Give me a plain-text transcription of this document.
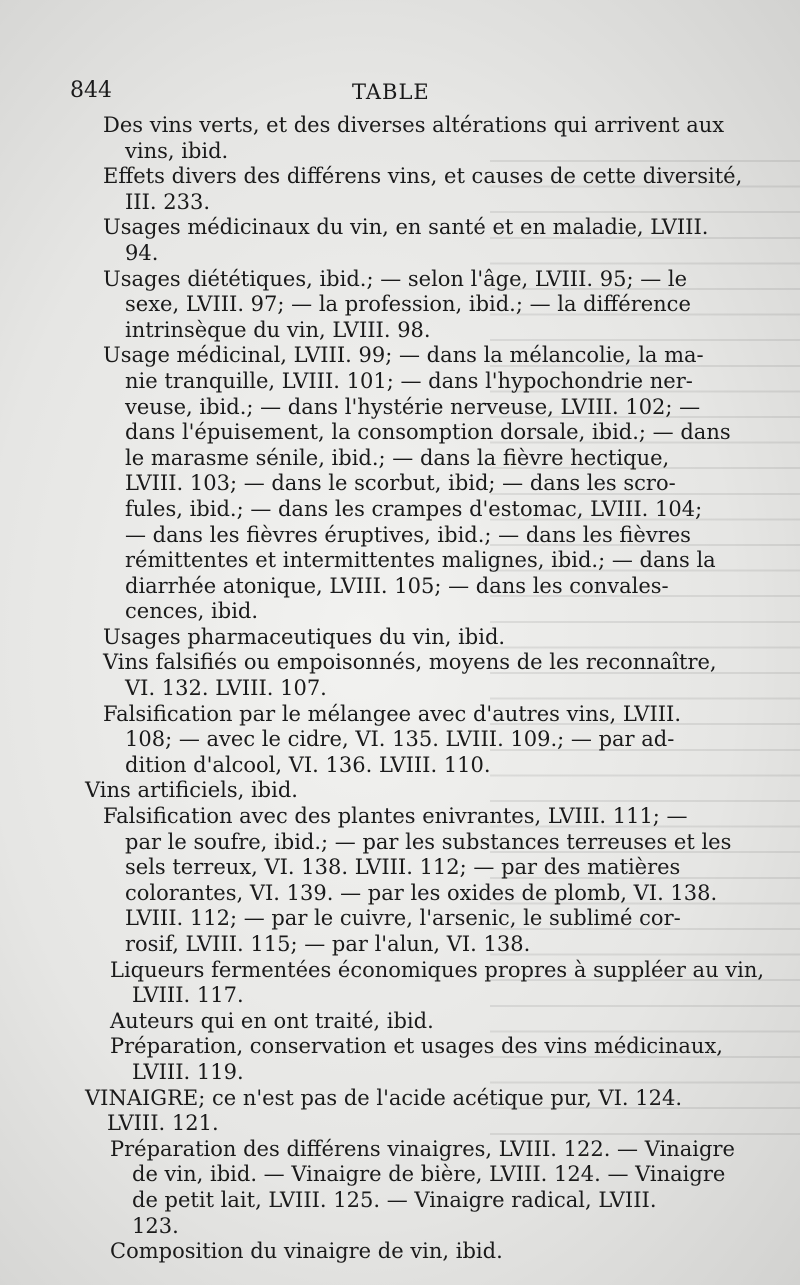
844	TABLE
Des vins verts, et des diverses altérations qui arrivent aux
vins, ibid.
Effets divers des différens vins, et causes de cette diversité,
III. 233.
Usages médicinaux du vin, en santé et en maladie, LVIII.
94.
Usages diététiques, ibid.; — selon l'âge, LVIII. 95; — le
sexe, LVIII. 97; — la profession, ibid.; — la différence
intrinsèque du vin, LVIII. 98.
Usage médicinal, LVIII. 99; — dans la mélancolie, la ma-
nie tranquille, LVIII. 101; — dans l'hypochondrie ner-
veuse, ibid.; — dans l'hystérie nerveuse, LVIII. 102; —
dans l'épuisement, la consomption dorsale, ibid.; — dans
le marasme sénile, ibid.; — dans la fièvre hectique,
LVIII. 103; — dans le scorbut, ibid; — dans les scro-
fules, ibid.; — dans les crampes d'estomac, LVIII. 104;
— dans les fièvres éruptives, ibid.; — dans les fièvres
rémittentes et intermittentes malignes, ibid.; — dans la
diarrhée atonique, LVIII. 105; — dans les convales-
cences, ibid.
Usages pharmaceutiques du vin, ibid.
Vins falsifiés ou empoisonnés, moyens de les reconnaître,
VI. 132. LVIII. 107.
Falsification par le mélangee avec d'autres vins, LVIII.
108; — avec le cidre, VI. 135. LVIII. 109.; — par ad-
dition d'alcool, VI. 136. LVIII. 110.
Vins artificiels, ibid.
Falsification avec des plantes enivrantes, LVIII. 111; —
par le soufre, ibid.; — par les substances terreuses et les
sels terreux, VI. 138. LVIII. 112; — par des matières
colorantes, VI. 139. — par les oxides de plomb, VI. 138.
LVIII. 112; — par le cuivre, l'arsenic, le sublimé cor-
rosif, LVIII. 115; — par l'alun, VI. 138.
Liqueurs fermentées économiques propres à suppléer au vin,
LVIII. 117.
Auteurs qui en ont traité, ibid.
Préparation, conservation et usages des vins médicinaux,
LVIII. 119.
VINAIGRE; ce n'est pas de l'acide acétique pur, VI. 124.
LVIII. 121.
Préparation des différens vinaigres, LVIII. 122. — Vinaigre
de vin, ibid. — Vinaigre de bière, LVIII. 124. — Vinaigre
de petit lait, LVIII. 125. — Vinaigre radical, LVIII.
123.
Composition du vinaigre de vin, ibid.
